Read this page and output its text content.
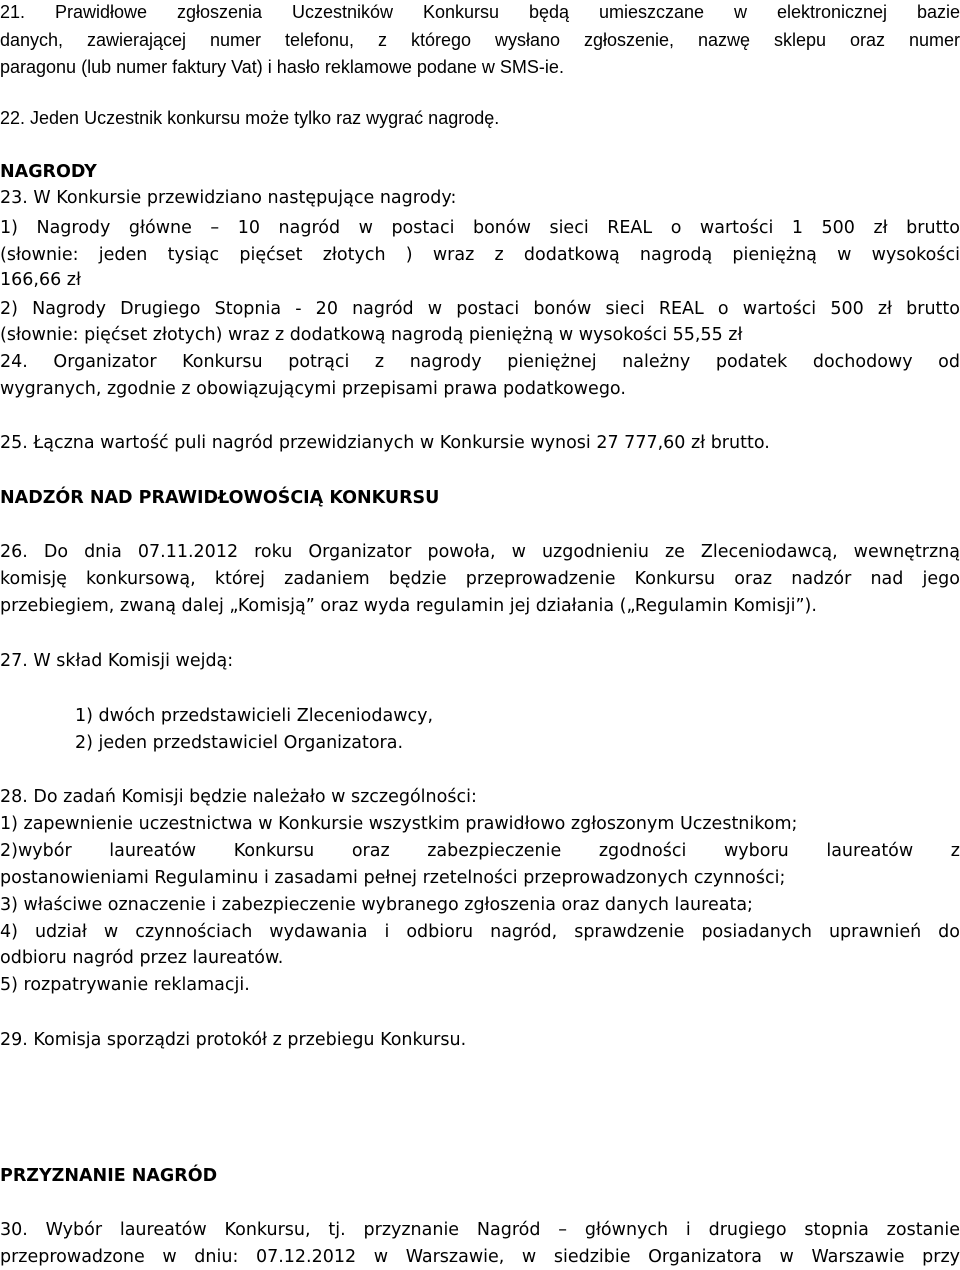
21. Prawidłowe zgłoszenia Uczestników Konkursu będą umieszczane w elektronicznej bazie
danych, zawierającej numer telefonu, z którego wysłano zgłoszenie, nazwę sklepu oraz numer
paragonu (lub numer faktury Vat) i hasło reklamowe podane w SMS-ie.
22. Jeden Uczestnik konkursu może tylko raz wygrać nagrodę.
NAGRODY
23. W Konkursie przewidziano następujące nagrody:
1) Nagrody główne – 10 nagród w postaci bonów sieci REAL o wartości 1 500 zł brutto
(słownie: jeden tysiąc pięćset złotych ) wraz z dodatkową nagrodą pieniężną w wysokości
166,66 zł
2) Nagrody Drugiego Stopnia - 20 nagród w postaci bonów sieci REAL o wartości 500 zł brutto
(słownie: pięćset złotych) wraz z dodatkową nagrodą pieniężną w wysokości 55,55 zł
24. Organizator Konkursu potrąci z nagrody pieniężnej należny podatek dochodowy od
wygranych, zgodnie z obowiązującymi przepisami prawa podatkowego.
25. Łączna wartość puli nagród przewidzianych w Konkursie wynosi 27 777,60 zł brutto.
NADZÓR NAD PRAWIDŁOWOŚCIĄ KONKURSU
26. Do dnia 07.11.2012 roku Organizator powoła, w uzgodnieniu ze Zleceniodawcą, wewnętrzną
komisję konkursową, której zadaniem będzie przeprowadzenie Konkursu oraz nadzór nad jego
przebiegiem, zwaną dalej „Komisją” oraz wyda regulamin jej działania („Regulamin Komisji”).
27. W skład Komisji wejdą:
1) dwóch przedstawicieli Zleceniodawcy,
2) jeden przedstawiciel Organizatora.
28. Do zadań Komisji będzie należało w szczególności:
1) zapewnienie uczestnictwa w Konkursie wszystkim prawidłowo zgłoszonym Uczestnikom;
2)wybór laureatów Konkursu oraz zabezpieczenie zgodności wyboru laureatów z
postanowieniami Regulaminu i zasadami pełnej rzetelności przeprowadzonych czynności;
3) właściwe oznaczenie i zabezpieczenie wybranego zgłoszenia oraz danych laureata;
4) udział w czynnościach wydawania i odbioru nagród, sprawdzenie posiadanych uprawnień do
odbioru nagród przez laureatów.
5) rozpatrywanie reklamacji.
29. Komisja sporządzi protokół z przebiegu Konkursu.
PRZYZNANIE NAGRÓD
30. Wybór laureatów Konkursu, tj. przyznanie Nagród – głównych i drugiego stopnia zostanie
przeprowadzone w dniu: 07.12.2012 w Warszawie, w siedzibie Organizatora w Warszawie przy
